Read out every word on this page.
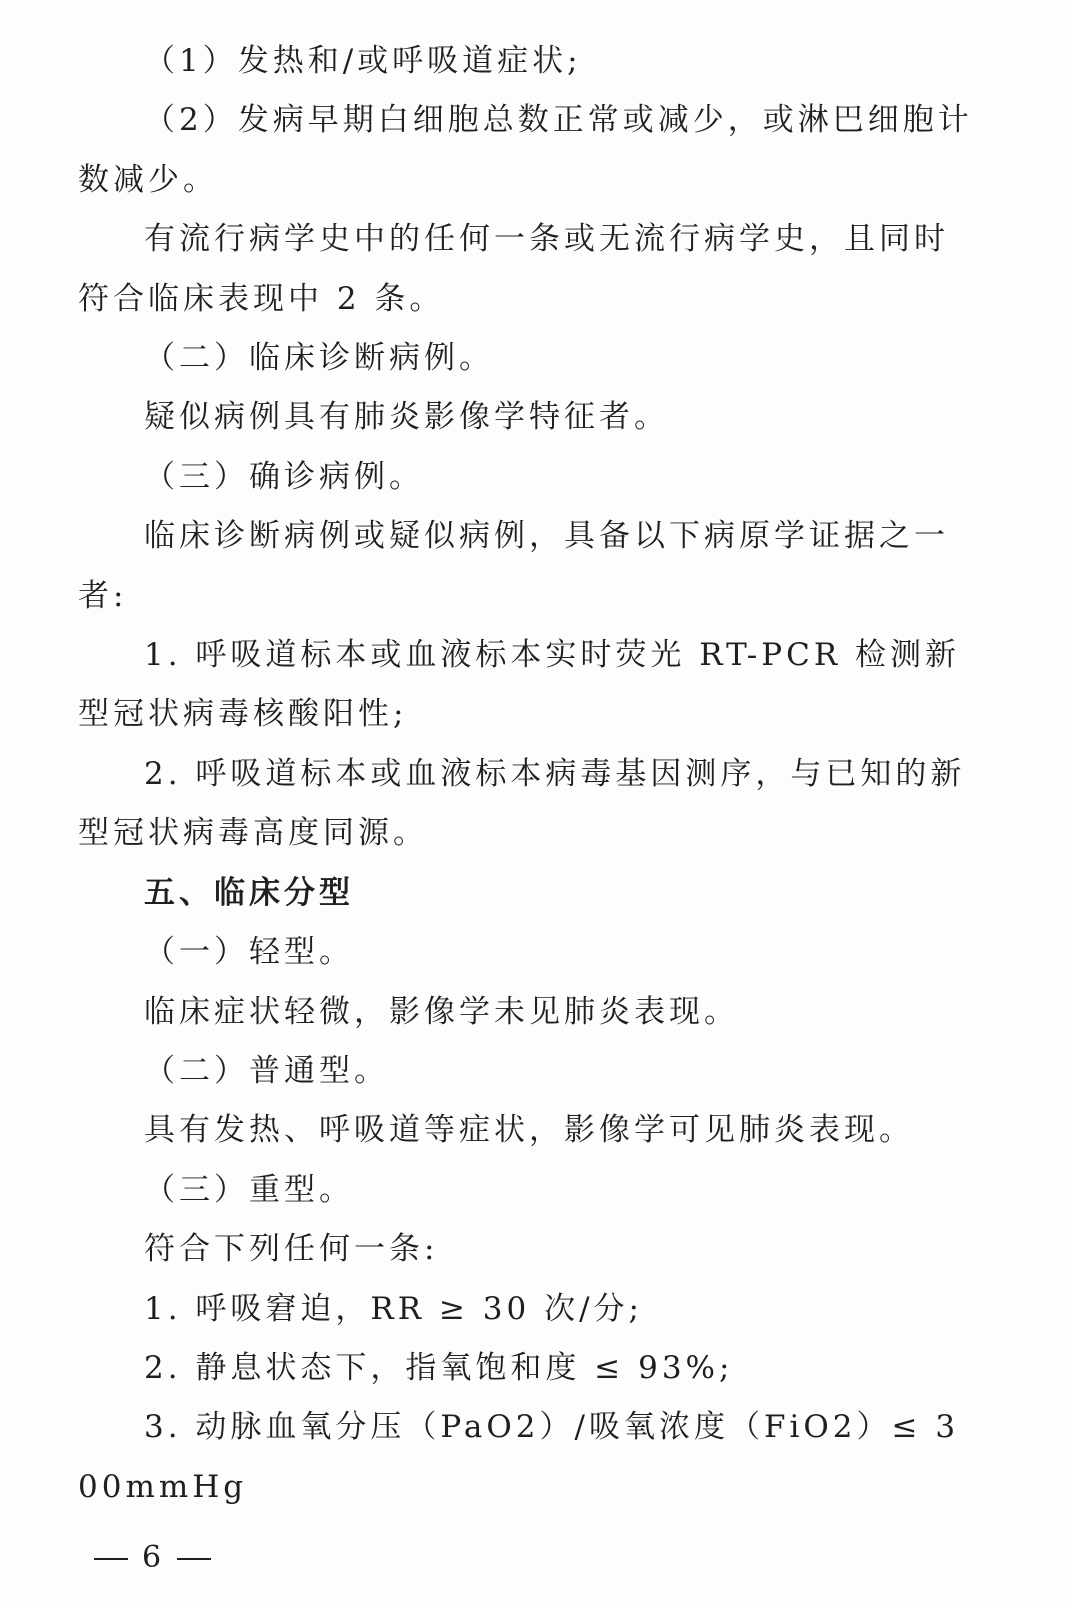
（1）发热和/或呼吸道症状;

（2）发病早期白细胞总数正常或减少，或淋巴细胞计数减少。

有流行病学史中的任何一条或无流行病学史，且同时符合临床表现中 2 条。

（二）临床诊断病例。

疑似病例具有肺炎影像学特征者。

（三）确诊病例。

临床诊断病例或疑似病例，具备以下病原学证据之一者:

1. 呼吸道标本或血液标本实时荧光 RT-PCR 检测新型冠状病毒核酸阳性;

2. 呼吸道标本或血液标本病毒基因测序，与已知的新型冠状病毒高度同源。

五、临床分型

（一）轻型。

临床症状轻微，影像学未见肺炎表现。

（二）普通型。

具有发热、呼吸道等症状，影像学可见肺炎表现。

（三）重型。

符合下列任何一条:

1. 呼吸窘迫，RR ≥ 30 次/分;

2. 静息状态下，指氧饱和度 ≤ 93%;

3. 动脉血氧分压（PaO2）/吸氧浓度（FiO2）≤ 300mmHg

6
